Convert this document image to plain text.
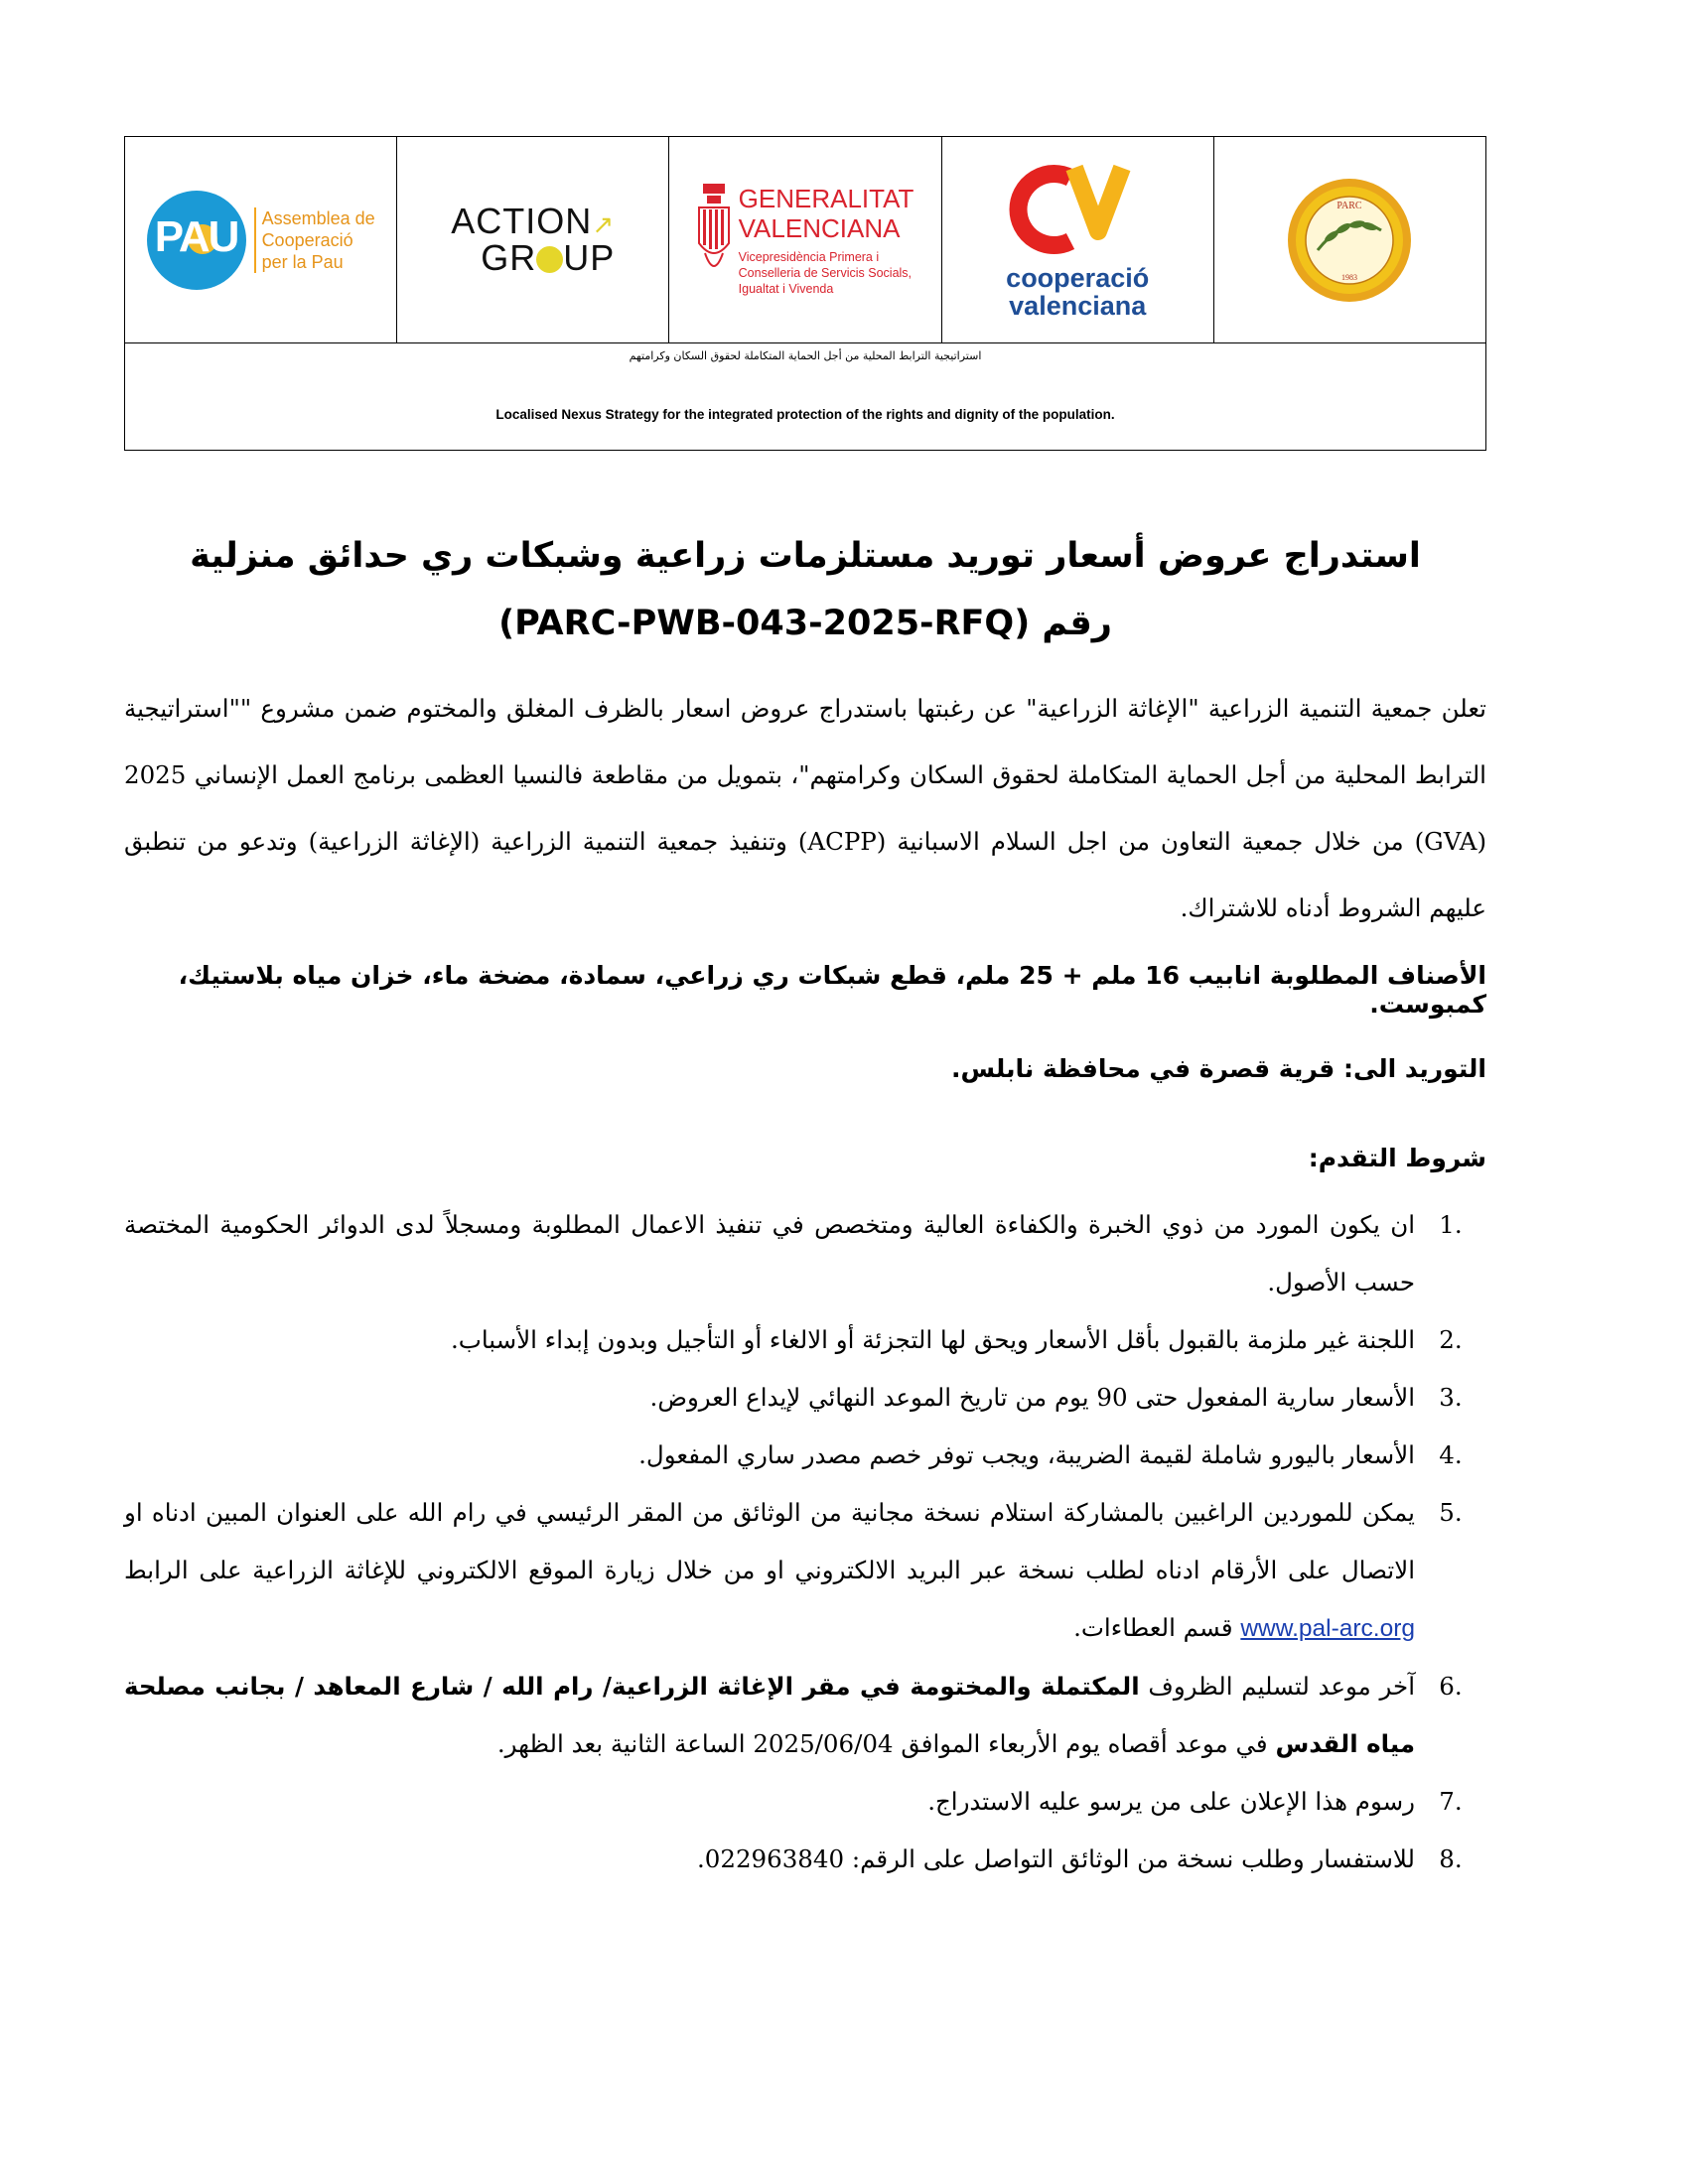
PAU	Assemblea de
Cooperació
per la Pau
ACTION↗
GR UP
GENERALITAT
VALENCIANA
Vicepresidència Primera i
Conselleria de Servicis Socials,
Igualtat i Vivenda	cooperació
valenciana
PARC
1983
استراتيجية الترابط المحلية من أجل الحماية المتكاملة لحقوق السكان وكرامتهم
Localised Nexus Strategy for the integrated protection of the rights and dignity of the population.
استدراج عروض أسعار توريد مستلزمات زراعية وشبكات ري حدائق منزلية
رقم (PARC-PWB-043-2025-RFQ)
تعلن جمعية التنمية الزراعية "الإغاثة الزراعية" عن رغبتها باستدراج عروض اسعار بالظرف المغلق والمختوم ضمن مشروع ""استراتيجية الترابط المحلية من أجل الحماية المتكاملة لحقوق السكان وكرامتهم"، بتمويل من مقاطعة فالنسيا العظمى برنامج العمل الإنساني 2025 (GVA) من خلال جمعية التعاون من اجل السلام الاسبانية (ACPP) وتنفيذ جمعية التنمية الزراعية (الإغاثة الزراعية) وتدعو من تنطبق عليهم الشروط أدناه للاشتراك.
الأصناف المطلوبة انابيب 16 ملم + 25 ملم، قطع شبكات ري زراعي، سمادة، مضخة ماء، خزان مياه بلاستيك، كمبوست.
التوريد الى: قرية قصرة في محافظة نابلس.
شروط التقدم:
1.
ان يكون المورد من ذوي الخبرة والكفاءة العالية ومتخصص في تنفيذ الاعمال المطلوبة ومسجلاً لدى الدوائر الحكومية المختصة حسب الأصول.
2.
اللجنة غير ملزمة بالقبول بأقل الأسعار ويحق لها التجزئة أو الالغاء أو التأجيل وبدون إبداء الأسباب.
3.
الأسعار سارية المفعول حتى 90 يوم من تاريخ الموعد النهائي لإيداع العروض.
4.
الأسعار باليورو شاملة لقيمة الضريبة، ويجب توفر خصم مصدر ساري المفعول.
5.
يمكن للموردين الراغبين بالمشاركة استلام نسخة مجانية من الوثائق من المقر الرئيسي في رام الله على العنوان المبين ادناه او الاتصال على الأرقام ادناه لطلب نسخة عبر البريد الالكتروني او من خلال زيارة الموقع الالكتروني للإغاثة الزراعية على الرابط www.pal-arc.org قسم العطاءات.
6.
آخر موعد لتسليم الظروف المكتملة والمختومة في مقر الإغاثة الزراعية/ رام الله / شارع المعاهد / بجانب مصلحة مياه القدس في موعد أقصاه يوم الأربعاء الموافق 2025/06/04 الساعة الثانية بعد الظهر.
7.
رسوم هذا الإعلان على من يرسو عليه الاستدراج.
8.
للاستفسار وطلب نسخة من الوثائق التواصل على الرقم: 022963840.
